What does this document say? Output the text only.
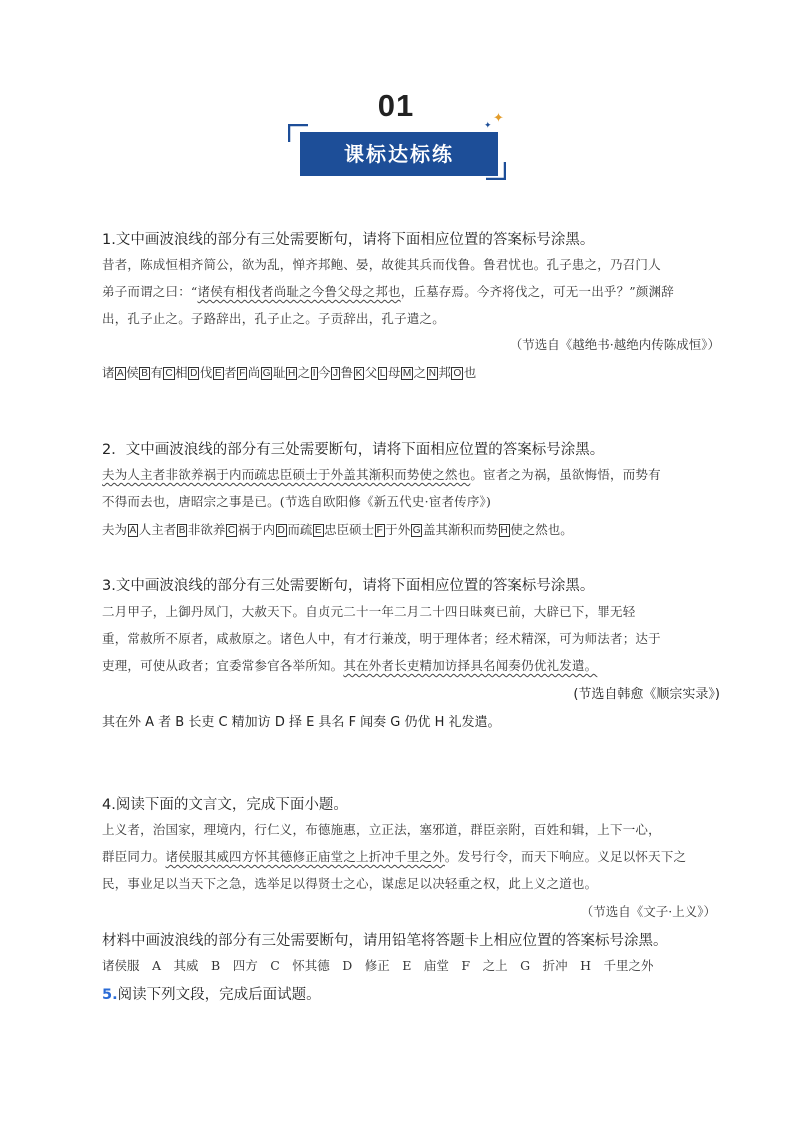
01
课标达标练
✦
✦
1.文中画波浪线的部分有三处需要断句，请将下面相应位置的答案标号涂黑。
昔者，陈成恒相齐简公，欲为乱，惮齐邦鲍、晏，故徙其兵而伐鲁。鲁君忧也。孔子患之，乃召门人
弟子而谓之曰：“诸侯有相伐者尚耻之今鲁父母之邦也，丘墓存焉。今齐将伐之，可无一出乎？”颜渊辞
出，孔子止之。子路辞出，孔子止之。子贡辞出，孔子遣之。
（节选自《越绝书·越绝内传陈成恒》）
诸 A 侯 B 有 C 相 D 伐 E 者 F 尚 G 耻 H 之 I 今 J 鲁 K 父 L 母 M 之 N 邦 O 也
2．文中画波浪线的部分有三处需要断句，请将下面相应位置的答案标号涂黑。
夫为人主者非欲养祸于内而疏忠臣硕士于外盖其渐积而势使之然也。宦者之为祸，虽欲悔悟，而势有
不得而去也，唐昭宗之事是已。(节选自欧阳修《新五代史·宦者传序》)
夫为 A 人主者 B 非欲养 C 祸于内 D 而疏 E 忠臣硕士 F 于外 G 盖其渐积而势 H 使之然也。
3.文中画波浪线的部分有三处需要断句，请将下面相应位置的答案标号涂黑。
二月甲子，上御丹凤门，大赦天下。自贞元二十一年二月二十四日昧爽已前，大辟已下，罪无轻
重，常赦所不原者，咸赦原之。诸色人中，有才行兼茂，明于理体者；经术精深，可为师法者；达于
吏理，可使从政者；宜委常参官各举所知。其在外者长吏精加访择具名闻奏仍优礼发遣。
(节选自韩愈《顺宗实录》)
其在外 A 者 B 长吏 C 精加访 D 择 E 具名 F 闻奏 G 仍优 H 礼发遣。
4.阅读下面的文言文，完成下面小题。
上义者，治国家，理境内，行仁义，布德施惠，立正法，塞邪道，群臣亲附，百姓和辑，上下一心，
群臣同力。诸侯服其威四方怀其德修正庙堂之上折冲千里之外。发号行令，而天下响应。义足以怀天下之
民，事业足以当天下之急，选举足以得贤士之心，谋虑足以决轻重之权，此上义之道也。
（节选自《文子·上义》）
材料中画波浪线的部分有三处需要断句，请用铅笔将答题卡上相应位置的答案标号涂黑。
诸侯服　A　其威　B　四方　C　怀其德　D　修正　E　庙堂　F　之上　G　折冲　H　千里之外
5.阅读下列文段，完成后面试题。
